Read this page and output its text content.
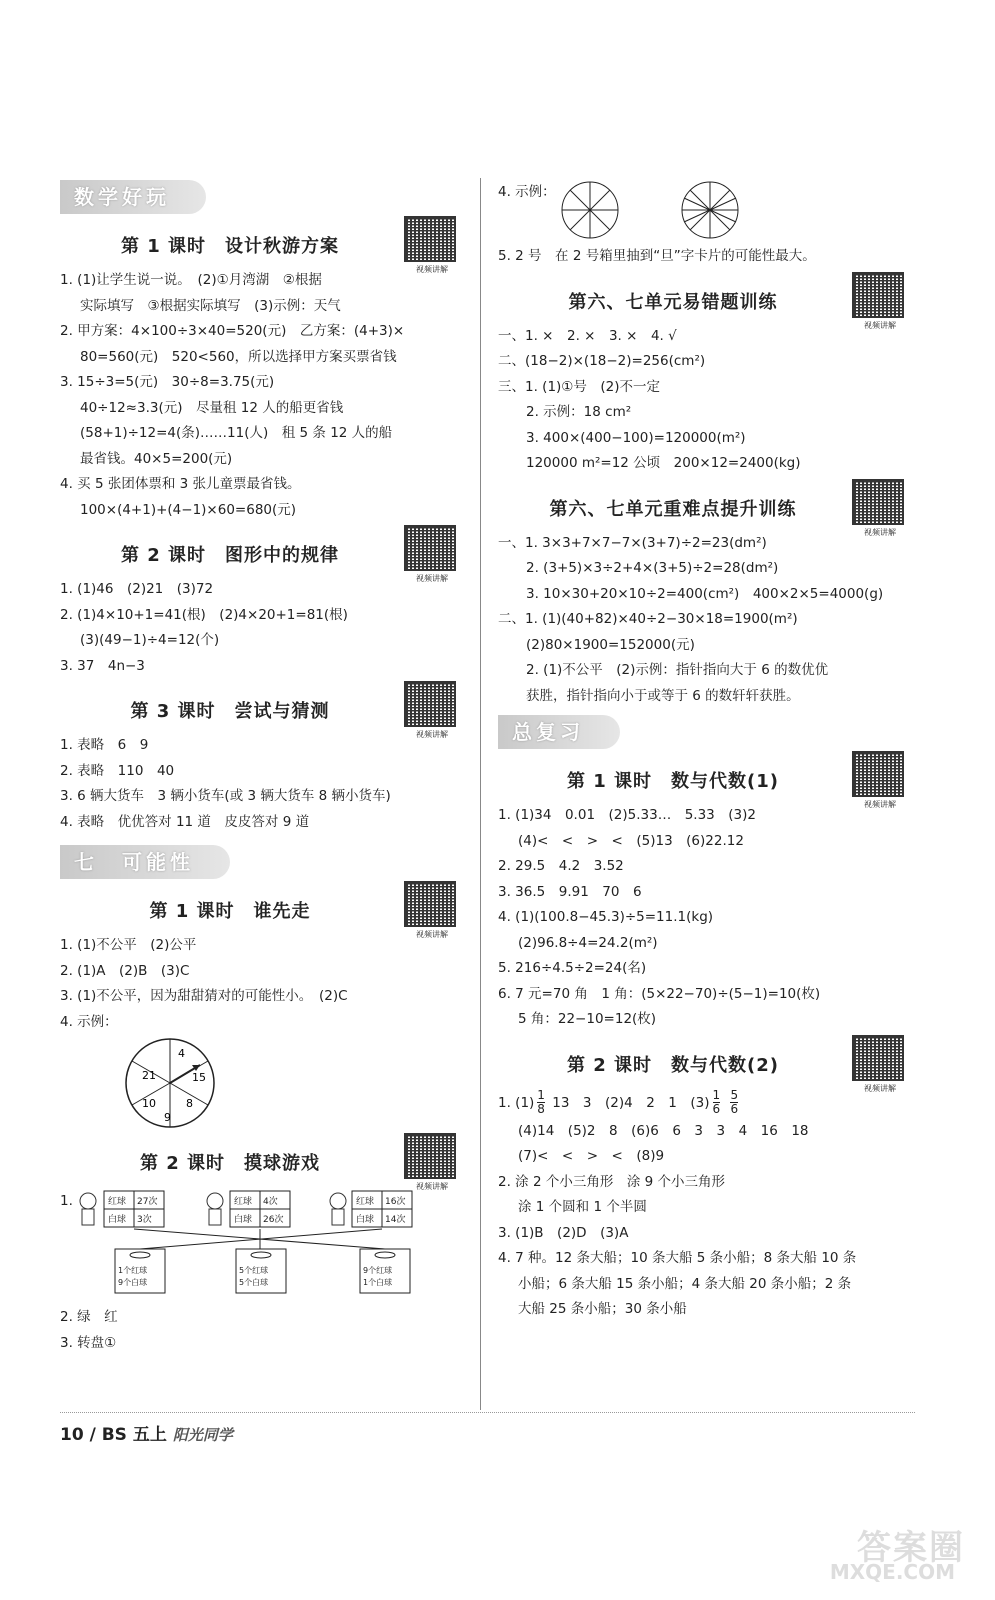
数学好玩
第 1 课时　设计秋游方案
视频讲解
1. (1)让学生说一说。　(2)①月湾湖　②根据
实际填写　③根据实际填写　(3)示例：天气
2. 甲方案：4×100÷3×40=520(元)　乙方案：(4+3)×
80=560(元)　520<560，所以选择甲方案买票省钱
3. 15÷3=5(元)　30÷8=3.75(元)
40÷12≈3.3(元)　尽量租 12 人的船更省钱
(58+1)÷12=4(条)……11(人)　租 5 条 12 人的船
最省钱。40×5=200(元)
4. 买 5 张团体票和 3 张儿童票最省钱。
100×(4+1)+(4−1)×60=680(元)
第 2 课时　图形中的规律
视频讲解
1. (1)46　(2)21　(3)72
2. (1)4×10+1=41(根)　(2)4×20+1=81(根)
(3)(49−1)÷4=12(个)
3. 37　4n−3
第 3 课时　尝试与猜测
视频讲解
1. 表略　6　9
2. 表略　110　40
3. 6 辆大货车　3 辆小货车(或 3 辆大货车 8 辆小货车)
4. 表略　优优答对 11 道　皮皮答对 9 道
七　可能性
第 1 课时　谁先走
视频讲解
1. (1)不公平　(2)公平
2. (1)A　(2)B　(3)C
3. (1)不公平，因为甜甜猜对的可能性小。　(2)C
4. 示例：
4
15
8
9
10
21
第 2 课时　摸球游戏
视频讲解
1.	红球 27次
白球 3次
红球 4次
白球 26次
红球 16次
白球 14次
1个红球
9个白球
5个红球
5个白球
9个红球
1个白球
2. 绿　红
3. 转盘①
4. 示例：
5. 2 号　在 2 号箱里抽到“旦”字卡片的可能性最大。
第六、七单元易错题训练
视频讲解
一、1. ×　2. ×　3. ×　4. √
二、(18−2)×(18−2)=256(cm²)
三、1. (1)①号　(2)不一定
2. 示例：18 cm²
3. 400×(400−100)=120000(m²)
120000 m²=12 公顷　200×12=2400(kg)
第六、七单元重难点提升训练
视频讲解
一、1. 3×3+7×7−7×(3+7)÷2=23(dm²)
2. (3+5)×3÷2+4×(3+5)÷2=28(dm²)
3. 10×30+20×10÷2=400(cm²)　400×2×5=4000(g)
二、1. (1)(40+82)×40÷2−30×18=1900(m²)
(2)80×1900=152000(元)
2. (1)不公平　(2)示例：指针指向大于 6 的数优优
获胜，指针指向小于或等于 6 的数轩轩获胜。
总复习
第 1 课时　数与代数(1)
视频讲解
1. (1)34　0.01　(2)5.33…　5.33　(3)2
(4)<　<　>　<　(5)13　(6)22.12
2. 29.5　4.2　3.52
3. 36.5　9.91　70　6
4. (1)(100.8−45.3)÷5=11.1(kg)
(2)96.8÷4=24.2(m²)
5. 216÷4.5÷2=24(名)
6. 7 元=70 角　1 角：(5×22−70)÷(5−1)=10(枚)
5 角：22−10=12(枚)
第 2 课时　数与代数(2)
视频讲解
1. $(1) \frac{1}{8} 13$　3　(2)4　2　1　$(3) \frac{1}{6}$
$\frac{5}{6}$
(4)14　(5)2　8　(6)6　6　3　3　4　16　18
(7)<　<　>　<　(8)9
2. 涂 2 个小三角形　涂 9 个小三角形
涂 1 个圆和 1 个半圆
3. (1)B　(2)D　(3)A
4. 7 种。12 条大船；10 条大船 5 条小船；8 条大船 10 条
小船；6 条大船 15 条小船；4 条大船 20 条小船；2 条
大船 25 条小船；30 条小船
10 / BS 五上 阳光同学
答案圈
MXQE.COM
